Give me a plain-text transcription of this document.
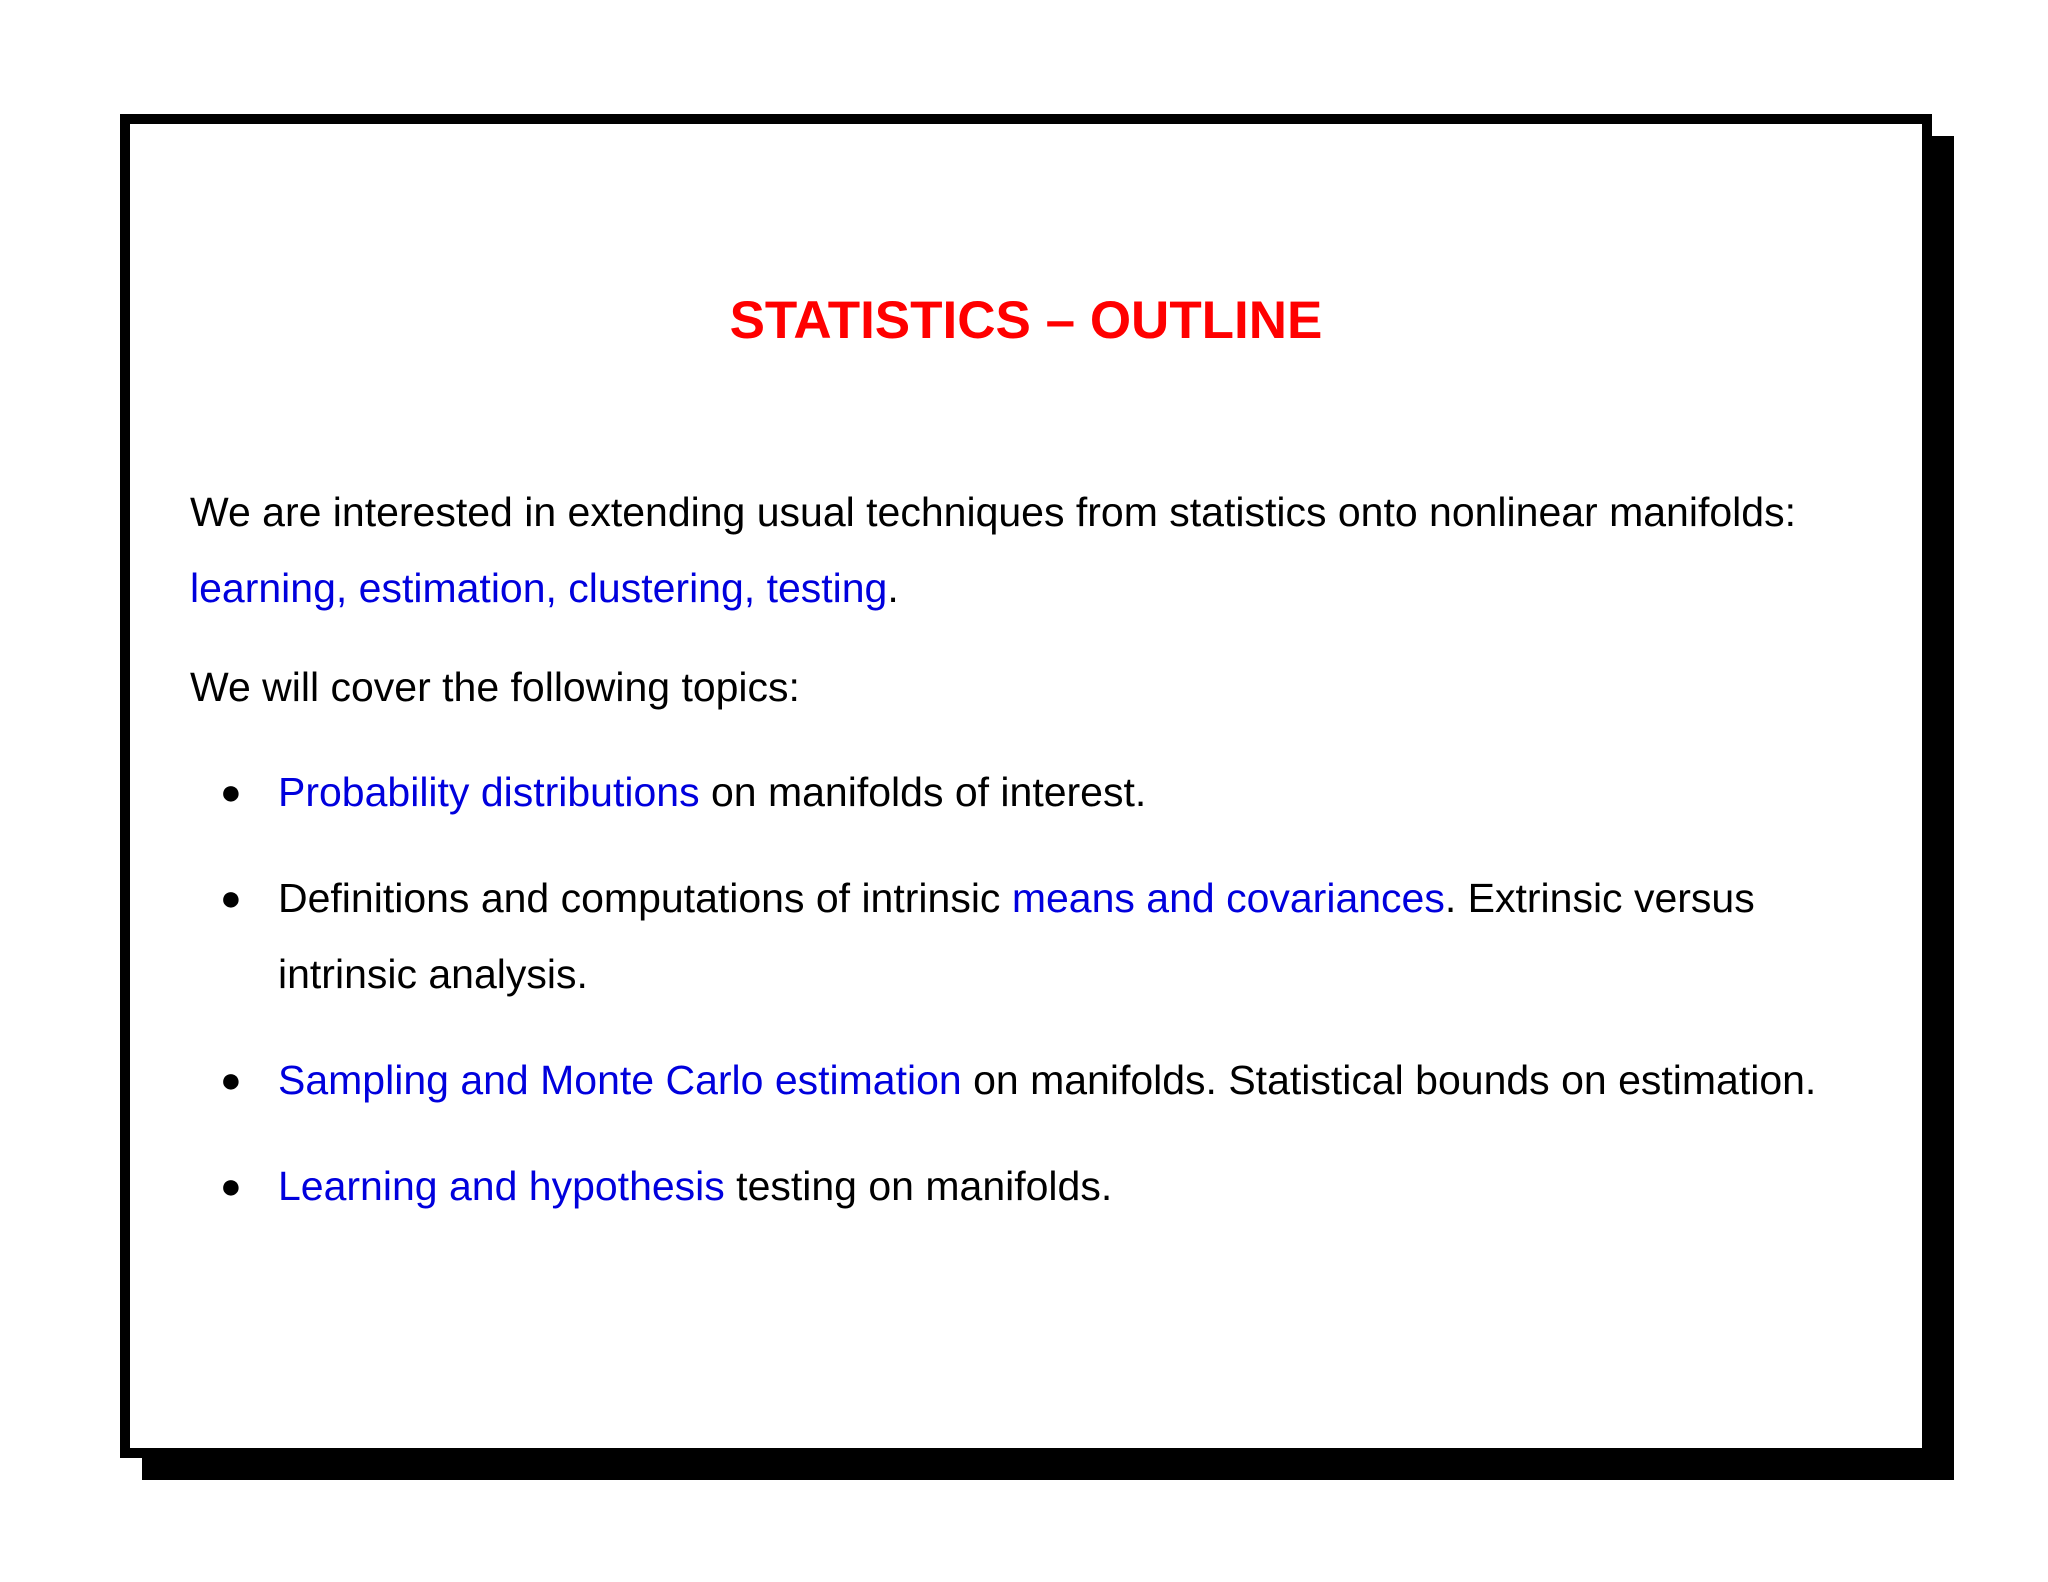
STATISTICS – OUTLINE

We are interested in extending usual techniques from statistics onto nonlinear manifolds: learning, estimation, clustering, testing.

We will cover the following topics:

● Probability distributions on manifolds of interest.
● Definitions and computations of intrinsic means and covariances. Extrinsic versus intrinsic analysis.
● Sampling and Monte Carlo estimation on manifolds. Statistical bounds on estimation.
● Learning and hypothesis testing on manifolds.
